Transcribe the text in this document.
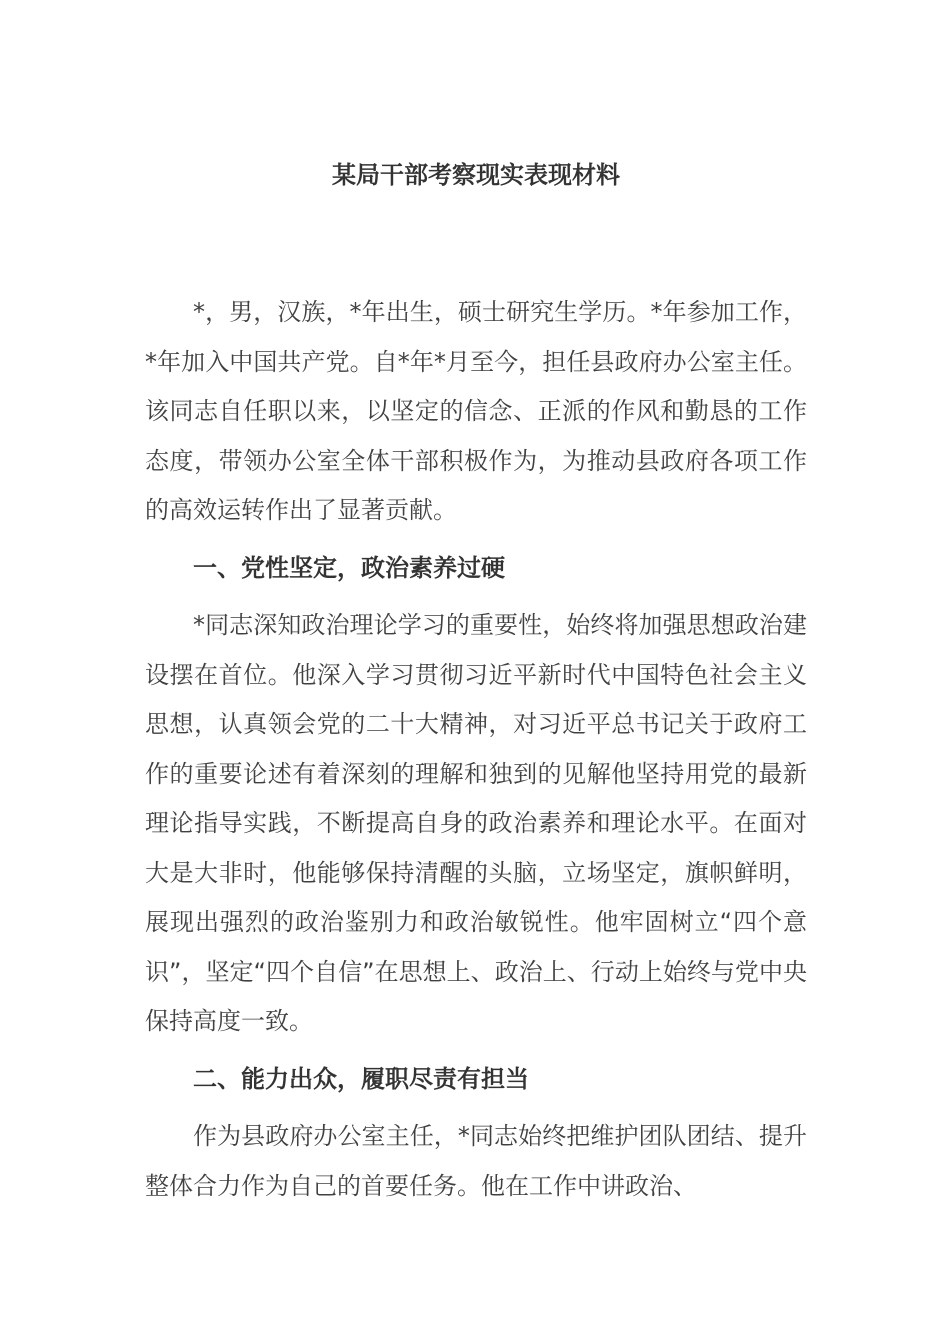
某局干部考察现实表现材料

*，男，汉族，*年出生，硕士研究生学历。*年参加工作，*年加入中国共产党。自*年*月至今，担任县政府办公室主任。该同志自任职以来，以坚定的信念、正派的作风和勤恳的工作态度，带领办公室全体干部积极作为，为推动县政府各项工作的高效运转作出了显著贡献。

一、党性坚定，政治素养过硬

*同志深知政治理论学习的重要性，始终将加强思想政治建设摆在首位。他深入学习贯彻习近平新时代中国特色社会主义思想，认真领会党的二十大精神，对习近平总书记关于政府工作的重要论述有着深刻的理解和独到的见解他坚持用党的最新理论指导实践，不断提高自身的政治素养和理论水平。在面对大是大非时，他能够保持清醒的头脑，立场坚定，旗帜鲜明，展现出强烈的政治鉴别力和政治敏锐性。他牢固树立“四个意识”，坚定“四个自信”在思想上、政治上、行动上始终与党中央保持高度一致。

二、能力出众，履职尽责有担当

作为县政府办公室主任，*同志始终把维护团队团结、提升整体合力作为自己的首要任务。他在工作中讲政治、
